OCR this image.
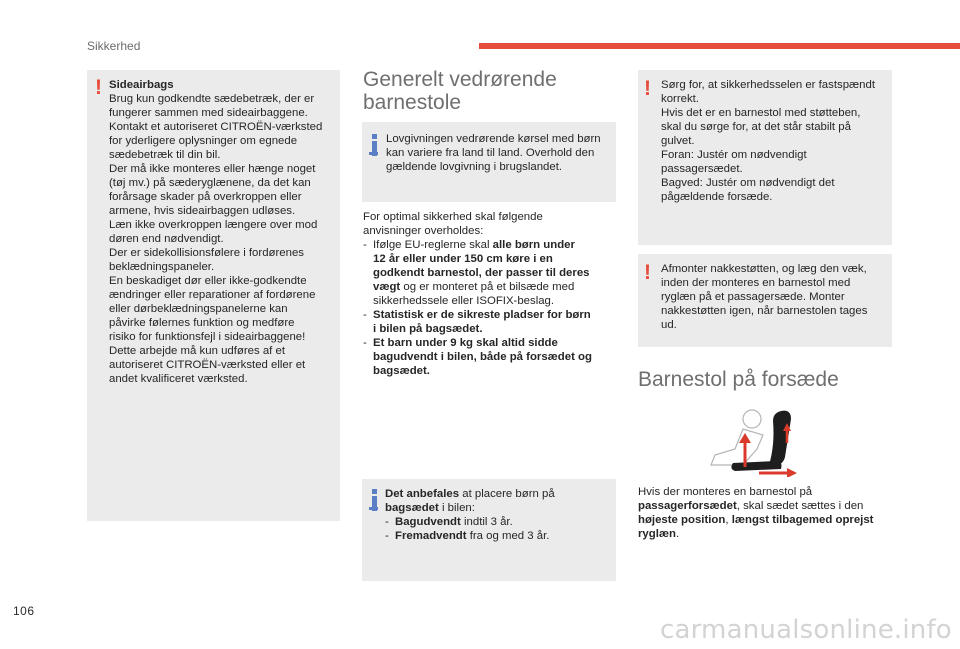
Sikkerhed
106
carmanualsonline.info
! Sideairbags
Brug kun godkendte sædebetræk, der er
fungerer sammen med sideairbaggene.
Kontakt et autoriseret CITROËN-værksted
for yderligere oplysninger om egnede
sædebetræk til din bil.
Der må ikke monteres eller hænge noget
(tøj mv.) på sæderyglænene, da det kan
forårsage skader på overkroppen eller
armene, hvis sideairbaggen udløses.
Læn ikke overkroppen længere over mod
døren end nødvendigt.
Der er sidekollisionsfølere i fordørenes
beklædningspaneler.
En beskadiget dør eller ikke-godkendte
ændringer eller reparationer af fordørene
eller dørbeklædningspanelerne kan
påvirke følernes funktion og medføre
risiko for funktionsfejl i sideairbaggene!
Dette arbejde må kun udføres af et
autoriseret CITROËN-værksted eller et
andet kvalificeret værksted.
Generelt vedrørende
barnestole
Lovgivningen vedrørende kørsel med børn
kan variere fra land til land. Overhold den
gældende lovgivning i brugslandet.
For optimal sikkerhed skal følgende
anvisninger overholdes:
- Ifølge EU-reglerne skal alle børn under
12 år eller under 150 cm køre i en
godkendt barnestol, der passer til deres
vægt og er monteret på et bilsæde med
sikkerhedssele eller ISOFIX-beslag.
- Statistisk er de sikreste pladser for børn
i bilen på bagsædet.
- Et barn under 9 kg skal altid sidde
bagudvendt i bilen, både på forsædet og
bagsædet.
Det anbefales at placere børn på
bagsædet i bilen:
- Bagudvendt indtil 3 år.
- Fremadvendt fra og med 3 år.
! Sørg for, at sikkerhedsselen er fastspændt
korrekt.
Hvis det er en barnestol med støtteben,
skal du sørge for, at det står stabilt på
gulvet.
Foran: Justér om nødvendigt
passagersædet.
Bagved: Justér om nødvendigt det
pågældende forsæde.
! Afmonter nakkestøtten, og læg den væk,
inden der monteres en barnestol med
ryglæn på et passagersæde. Monter
nakkestøtten igen, når barnestolen tages
ud.
Barnestol på forsæde
Hvis der monteres en barnestol på
passagerforsædet, skal sædet sættes i den
højeste position, længst tilbagemed oprejst
ryglæn.
